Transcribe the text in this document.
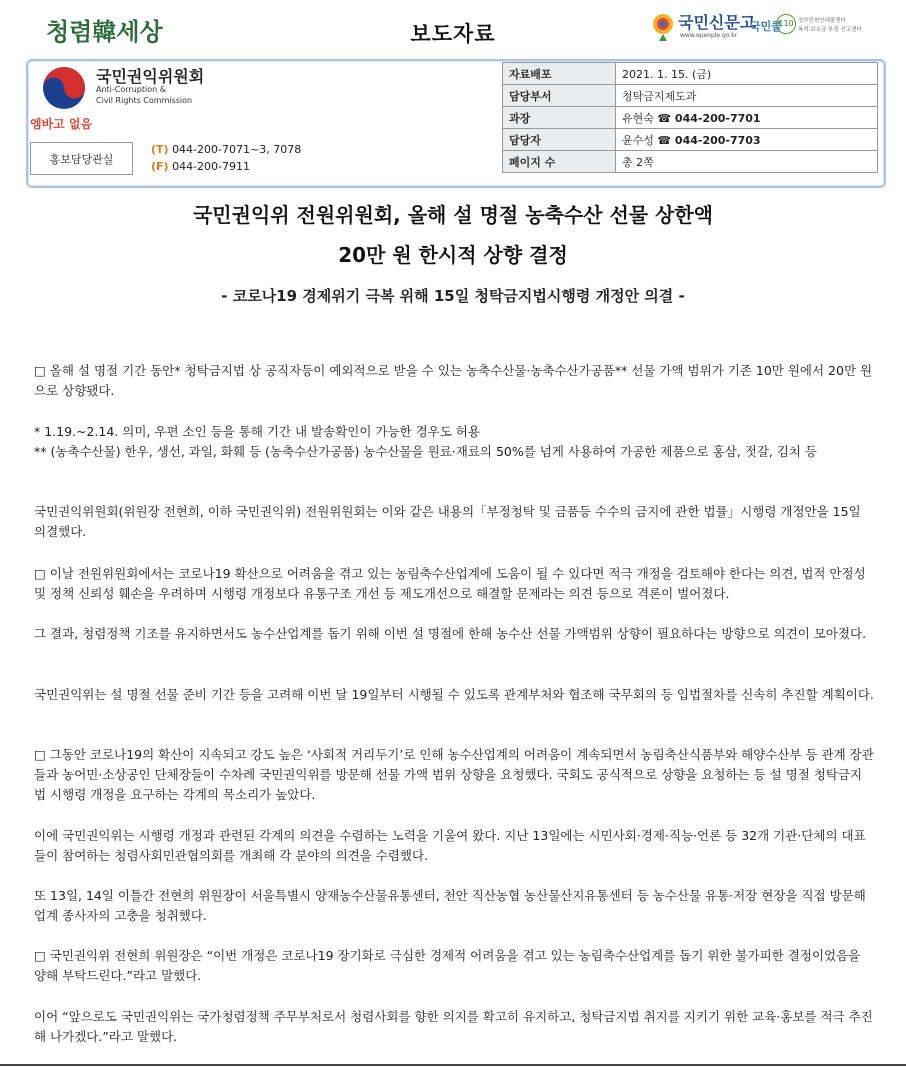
청렴韓세상	보도자료	국민신문고
www.epeople.go.kr
국민콜
110 정부민원안내콜센터
복지·보조금 부정 신고센터
국민권익위원회
Anti-Corruption &
Civil Rights Commission
엠바고 없음
홍보담당관실
(T) 044-200-7071~3, 7078
(F) 044-200-7911
자료배포	2021. 1. 15. (금)
담당부서	청탁금지제도과
과장	유현숙 ☎ 044-200-7701
담당자	윤수성 ☎ 044-200-7703
페이지 수	총 2쪽
국민권익위 전원위원회, 올해 설 명절 농축수산 선물 상한액
20만 원 한시적 상향 결정
- 코로나19 경제위기 극복 위해 15일 청탁금지법시행령 개정안 의결 -
□ 올해 설 명절 기간 동안* 청탁금지법 상 공직자등이 예외적으로 받을 수 있는 농축수산물·농축수산가공품** 선물 가액 범위가 기존 10만 원에서 20만 원으로 상향됐다.
* 1.19.~2.14. 의미, 우편 소인 등을 통해 기간 내 발송확인이 가능한 경우도 허용
** (농축수산물) 한우, 생선, 과일, 화훼 등 (농축수산가공품) 농수산물을 원료·재료의 50%를 넘게 사용하여 가공한 제품으로 홍삼, 젓갈, 김치 등
국민권익위원회(위원장 전현희, 이하 국민권익위) 전원위원회는 이와 같은 내용의「부정청탁 및 금품등 수수의 금지에 관한 법률」시행령 개정안을 15일 의결했다.
□ 이날 전원위원회에서는 코로나19 확산으로 어려움을 겪고 있는 농림축수산업계에 도움이 될 수 있다면 적극 개정을 검토해야 한다는 의견, 법적 안정성 및 정책 신뢰성 훼손을 우려하며 시행령 개정보다 유통구조 개선 등 제도개선으로 해결할 문제라는 의견 등으로 격론이 벌어졌다.
그 결과, 청렴정책 기조를 유지하면서도 농수산업계를 돕기 위해 이번 설 명절에 한해 농수산 선물 가액범위 상향이 필요하다는 방향으로 의견이 모아졌다.
국민권익위는 설 명절 선물 준비 기간 등을 고려해 이번 달 19일부터 시행될 수 있도록 관계부처와 협조해 국무회의 등 입법절차를 신속히 추진할 계획이다.
□ 그동안 코로나19의 확산이 지속되고 강도 높은 ‘사회적 거리두기’로 인해 농수산업계의 어려움이 계속되면서 농림축산식품부와 해양수산부 등 관계 장관들과 농어민·소상공인 단체장들이 수차례 국민권익위를 방문해 선물 가액 범위 상향을 요청했다. 국회도 공식적으로 상향을 요청하는 등 설 명절 청탁금지법 시행령 개정을 요구하는 각계의 목소리가 높았다.
이에 국민권익위는 시행령 개정과 관련된 각계의 의견을 수렴하는 노력을 기울여 왔다. 지난 13일에는 시민사회·경제·직능·언론 등 32개 기관·단체의 대표들이 참여하는 청렴사회민관협의회를 개최해 각 분야의 의견을 수렴했다.
또 13일, 14일 이틀간 전현희 위원장이 서울특별시 양재농수산물유통센터, 천안 직산농협 농산물산지유통센터 등 농수산물 유통·저장 현장을 직접 방문해 업계 종사자의 고충을 청취했다.
□ 국민권익위 전현희 위원장은 “이번 개정은 코로나19 장기화로 극심한 경제적 어려움을 겪고 있는 농림축수산업계를 돕기 위한 불가피한 결정이었음을 양해 부탁드린다.”라고 말했다.
이어 “앞으로도 국민권익위는 국가청렴정책 주무부처로서 청렴사회를 향한 의지를 확고히 유지하고, 청탁금지법 취지를 지키기 위한 교육·홍보를 적극 추진해 나가겠다.”라고 말했다.
